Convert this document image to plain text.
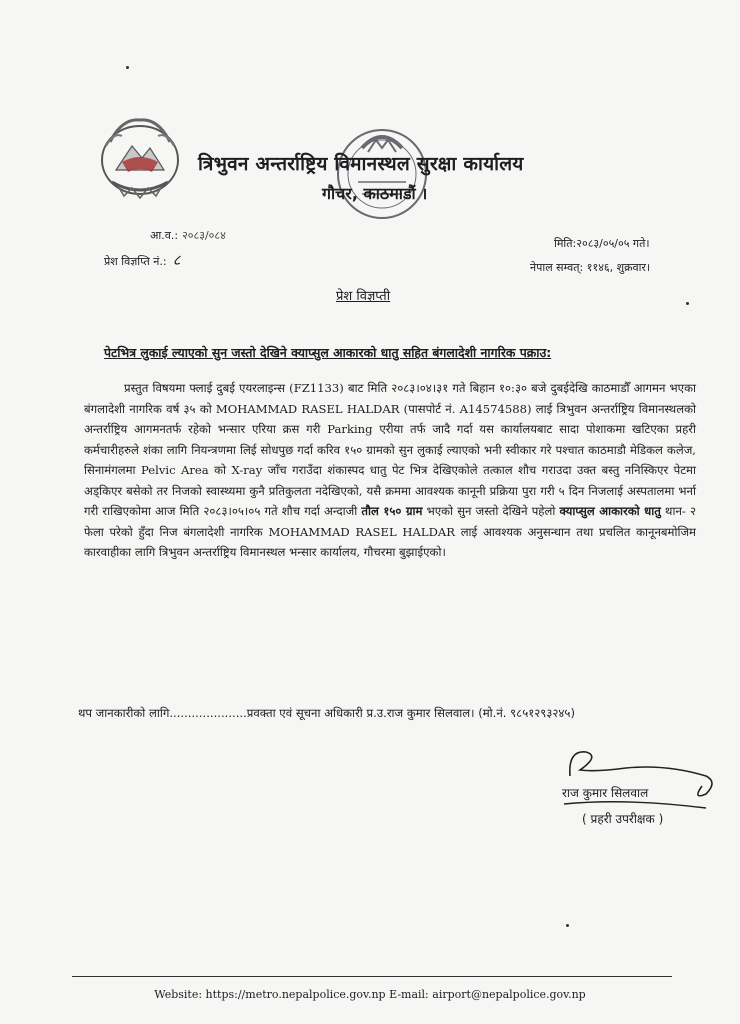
त्रिभुवन अन्तर्राष्ट्रिय विमानस्थल सुरक्षा कार्यालय
गौचर, काठमाडौं ।
आ.व.: २०८३/०८४
प्रेश विज्ञप्ति नं.: ८
मिति:२०८३/०५/०५ गते।
नेपाल सम्वत्: ११४६, शुक्रवार।
प्रेश विज्ञप्ती
पेटभित्र लुकाई ल्याएको सुन जस्तो देखिने क्याप्सुल आकारको धातु सहित बंगलादेशी नागरिक पक्राउ:

प्रस्तुत विषयमा फ्लाई दुबई एयरलाइन्स (FZ1133) बाट मिति २०८३।०४।३१ गते बिहान १०:३० बजे दुबईदेखि काठमाडौँ आगमन भएका बंगलादेशी नागरिक वर्ष ३५ को MOHAMMAD RASEL HALDAR (पासपोर्ट नं. A14574588) लाई त्रिभुवन अन्तर्राष्ट्रिय विमानस्थलको अन्तर्राष्ट्रिय आगमनतर्फ रहेको भन्सार एरिया क्रस गरी Parking एरीया तर्फ जादै गर्दा यस कार्यालयबाट सादा पोशाकमा खटिएका प्रहरी कर्मचारीहरुले शंका लागि नियन्त्रणमा लिई सोधपुछ गर्दा करिव १५० ग्रामको सुन लुकाई ल्याएको भनी स्वीकार गरे पश्चात काठमाडौ मेडिकल कलेज, सिनामंगलमा Pelvic Area को X-ray जाँच गराउँदा शंकास्पद धातु पेट भित्र देखिएकोले तत्काल शौच गराउदा उक्त बस्तु ननिस्किएर पेटमा अड्किएर बसेको तर निजको स्वास्थ्यमा कुनै प्रतिकुलता नदेखिएको, यसै क्रममा आवश्यक कानूनी प्रक्रिया पुरा गरी ५ दिन निजलाई अस्पतालमा भर्ना गरी राखिएकोमा आज मिति २०८३।०५।०५ गते शौच गर्दा अन्दाजी तौल १५० ग्राम भएको सुन जस्तो देखिने पहेलो क्याप्सुल आकारको धातु थान- २ फेला परेको हुँदा निज बंगलादेशी नागरिक MOHAMMAD RASEL HALDAR लाई आवश्यक अनुसन्धान तथा प्रचलित कानूनबमोजिम कारवाहीका लागि त्रिभुवन अन्तर्राष्ट्रिय विमानस्थल भन्सार कार्यालय, गौचरमा बुझाईएको।

थप जानकारीको लागि.....................प्रवक्ता एवं सूचना अधिकारी प्र.उ.राज कुमार सिलवाल। (मो.नं. ९८५१२९३२४५)
राज कुमार सिलवाल
( प्रहरी उपरीक्षक )
Website: https://metro.nepalpolice.gov.np E-mail: airport@nepalpolice.gov.np
